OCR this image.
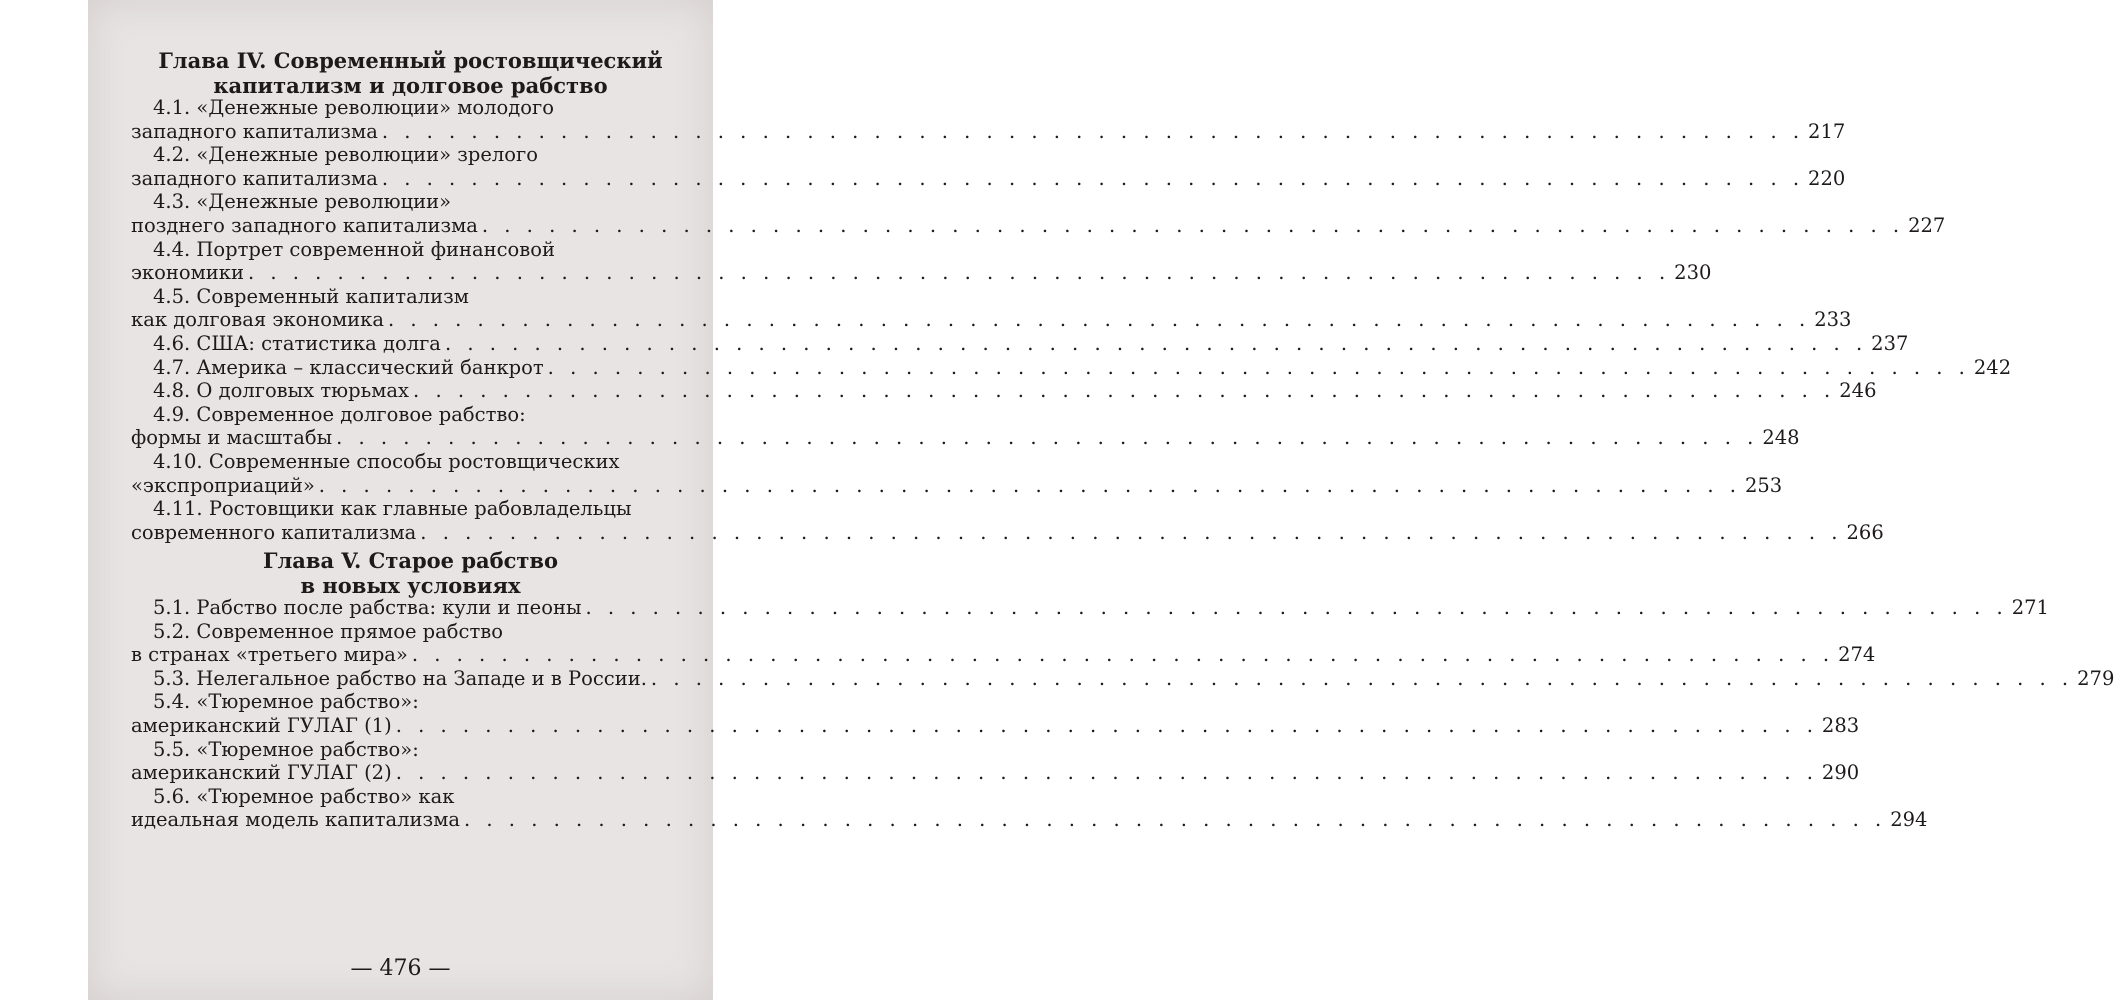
Глава IV. Современный ростовщический

капитализм и долговое рабство

4.1. «Денежные революции» молодого
западного капитализма . . . . . . . . . . . . . . . . . . . . . . . . . . . . . . . . . . . . . . . . . . . . . . . . . . . . . . . . . . . . . . . . 217
4.2. «Денежные революции» зрелого
западного капитализма . . . . . . . . . . . . . . . . . . . . . . . . . . . . . . . . . . . . . . . . . . . . . . . . . . . . . . . . . . . . . . . . 220
4.3. «Денежные революции»
позднего западного капитализма . . . . . . . . . . . . . . . . . . . . . . . . . . . . . . . . . . . . . . . . . . . . . . . . . . . . . . . . . . . . . . . . 227
4.4. Портрет современной финансовой
экономики . . . . . . . . . . . . . . . . . . . . . . . . . . . . . . . . . . . . . . . . . . . . . . . . . . . . . . . . . . . . . . . . 230
4.5. Современный капитализм
как долговая экономика . . . . . . . . . . . . . . . . . . . . . . . . . . . . . . . . . . . . . . . . . . . . . . . . . . . . . . . . . . . . . . . . 233
4.6. США: статистика долга . . . . . . . . . . . . . . . . . . . . . . . . . . . . . . . . . . . . . . . . . . . . . . . . . . . . . . . . . . . . . . . . 237
4.7. Америка – классический банкрот . . . . . . . . . . . . . . . . . . . . . . . . . . . . . . . . . . . . . . . . . . . . . . . . . . . . . . . . . . . . . . . . 242
4.8. О долговых тюрьмах . . . . . . . . . . . . . . . . . . . . . . . . . . . . . . . . . . . . . . . . . . . . . . . . . . . . . . . . . . . . . . . . 246
4.9. Современное долговое рабство:
формы и масштабы . . . . . . . . . . . . . . . . . . . . . . . . . . . . . . . . . . . . . . . . . . . . . . . . . . . . . . . . . . . . . . . . 248
4.10. Современные способы ростовщических
«экспроприаций» . . . . . . . . . . . . . . . . . . . . . . . . . . . . . . . . . . . . . . . . . . . . . . . . . . . . . . . . . . . . . . . . 253
4.11. Ростовщики как главные рабовладельцы
современного капитализма . . . . . . . . . . . . . . . . . . . . . . . . . . . . . . . . . . . . . . . . . . . . . . . . . . . . . . . . . . . . . . . . 266

Глава V. Старое рабство

в новых условиях

5.1. Рабство после рабства: кули и пеоны . . . . . . . . . . . . . . . . . . . . . . . . . . . . . . . . . . . . . . . . . . . . . . . . . . . . . . . . . . . . . . . . 271
5.2. Современное прямое рабство
в странах «третьего мира» . . . . . . . . . . . . . . . . . . . . . . . . . . . . . . . . . . . . . . . . . . . . . . . . . . . . . . . . . . . . . . . . 274
5.3. Нелегальное рабство на Западе и в России. . . . . . . . . . . . . . . . . . . . . . . . . . . . . . . . . . . . . . . . . . . . . . . . . . . . . . . . . . . . . . . . . 279
5.4. «Тюремное рабство»:
американский ГУЛАГ (1) . . . . . . . . . . . . . . . . . . . . . . . . . . . . . . . . . . . . . . . . . . . . . . . . . . . . . . . . . . . . . . . . 283
5.5. «Тюремное рабство»:
американский ГУЛАГ (2) . . . . . . . . . . . . . . . . . . . . . . . . . . . . . . . . . . . . . . . . . . . . . . . . . . . . . . . . . . . . . . . . 290
5.6. «Тюремное рабство» как
идеальная модель капитализма . . . . . . . . . . . . . . . . . . . . . . . . . . . . . . . . . . . . . . . . . . . . . . . . . . . . . . . . . . . . . . . . 294
— 476 —
